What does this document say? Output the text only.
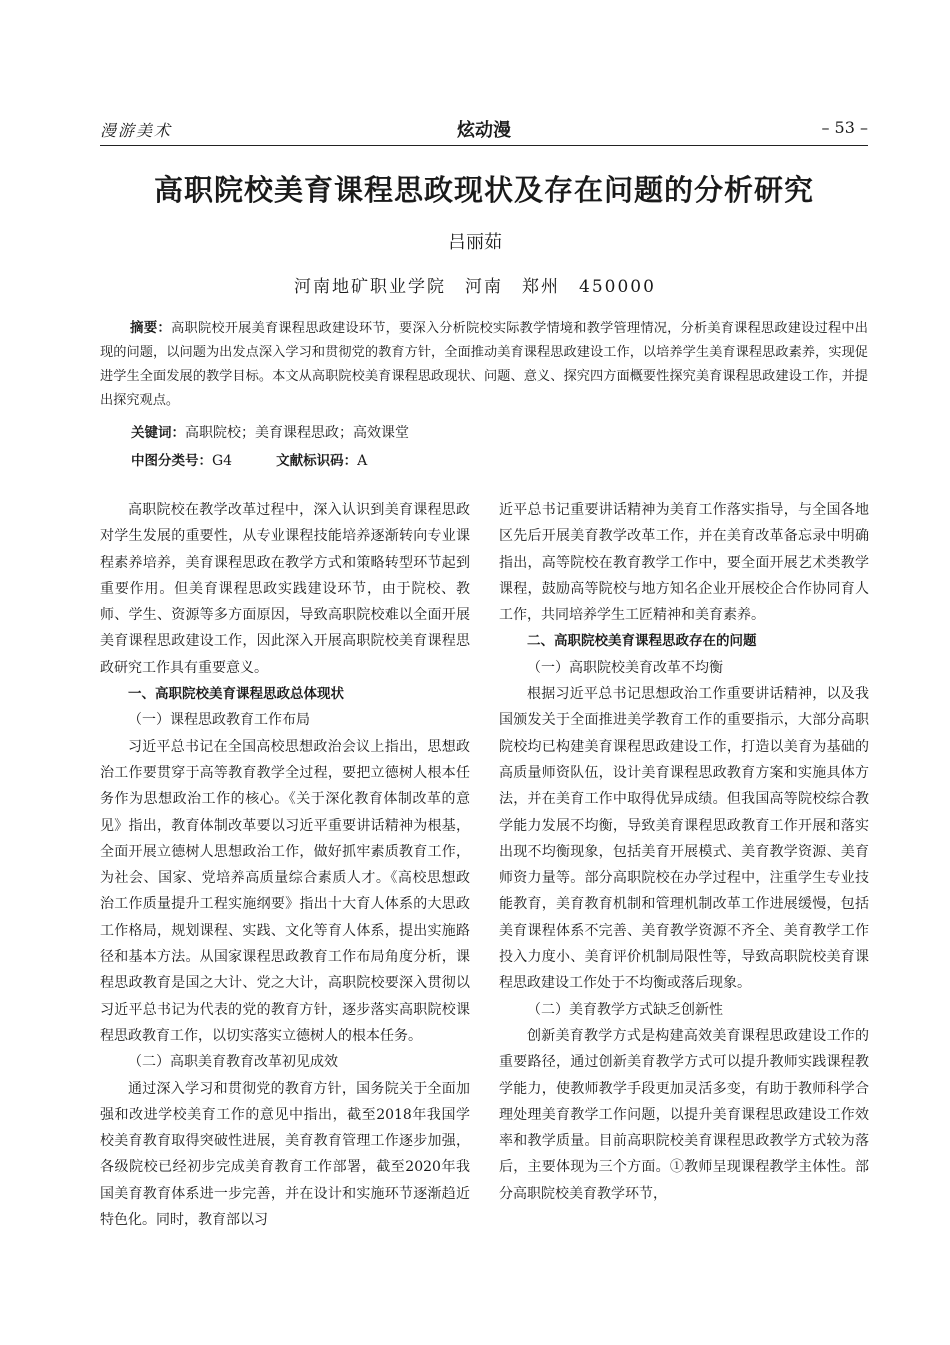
漫游美术	炫动漫	– 53 –
高职院校美育课程思政现状及存在问题的分析研究
吕丽茹
河南地矿职业学院　河南　郑州　450000
摘要：高职院校开展美育课程思政建设环节，要深入分析院校实际教学情境和教学管理情况，分析美育课程思政建设过程中出现的问题，以问题为出发点深入学习和贯彻党的教育方针，全面推动美育课程思政建设工作，以培养学生美育课程思政素养，实现促进学生全面发展的教学目标。本文从高职院校美育课程思政现状、问题、意义、探究四方面概要性探究美育课程思政建设工作，并提出探究观点。
关键词：高职院校；美育课程思政；高效课堂
中图分类号：G4	文献标识码：A

高职院校在教学改革过程中，深入认识到美育课程思政对学生发展的重要性，从专业课程技能培养逐渐转向专业课程素养培养，美育课程思政在教学方式和策略转型环节起到重要作用。但美育课程思政实践建设环节，由于院校、教师、学生、资源等多方面原因，导致高职院校难以全面开展美育课程思政建设工作，因此深入开展高职院校美育课程思政研究工作具有重要意义。

一、高职院校美育课程思政总体现状

（一）课程思政教育工作布局

习近平总书记在全国高校思想政治会议上指出，思想政治工作要贯穿于高等教育教学全过程，要把立德树人根本任务作为思想政治工作的核心。《关于深化教育体制改革的意见》指出，教育体制改革要以习近平重要讲话精神为根基，全面开展立德树人思想政治工作，做好抓牢素质教育工作，为社会、国家、党培养高质量综合素质人才。《高校思想政治工作质量提升工程实施纲要》指出十大育人体系的大思政工作格局，规划课程、实践、文化等育人体系，提出实施路径和基本方法。从国家课程思政教育工作布局角度分析，课程思政教育是国之大计、党之大计，高职院校要深入贯彻以习近平总书记为代表的党的教育方针，逐步落实高职院校课程思政教育工作，以切实落实立德树人的根本任务。

（二）高职美育教育改革初见成效

通过深入学习和贯彻党的教育方针，国务院关于全面加强和改进学校美育工作的意见中指出，截至2018年我国学校美育教育取得突破性进展，美育教育管理工作逐步加强，各级院校已经初步完成美育教育工作部署，截至2020年我国美育教育体系进一步完善，并在设计和实施环节逐渐趋近特色化。同时，教育部以习

近平总书记重要讲话精神为美育工作落实指导，与全国各地区先后开展美育教学改革工作，并在美育改革备忘录中明确指出，高等院校在教育教学工作中，要全面开展艺术类教学课程，鼓励高等院校与地方知名企业开展校企合作协同育人工作，共同培养学生工匠精神和美育素养。

二、高职院校美育课程思政存在的问题

（一）高职院校美育改革不均衡

根据习近平总书记思想政治工作重要讲话精神，以及我国颁发关于全面推进美学教育工作的重要指示，大部分高职院校均已构建美育课程思政建设工作，打造以美育为基础的高质量师资队伍，设计美育课程思政教育方案和实施具体方法，并在美育工作中取得优异成绩。但我国高等院校综合教学能力发展不均衡，导致美育课程思政教育工作开展和落实出现不均衡现象，包括美育开展模式、美育教学资源、美育师资力量等。部分高职院校在办学过程中，注重学生专业技能教育，美育教育机制和管理机制改革工作进展缓慢，包括美育课程体系不完善、美育教学资源不齐全、美育教学工作投入力度小、美育评价机制局限性等，导致高职院校美育课程思政建设工作处于不均衡或落后现象。

（二）美育教学方式缺乏创新性

创新美育教学方式是构建高效美育课程思政建设工作的重要路径，通过创新美育教学方式可以提升教师实践课程教学能力，使教师教学手段更加灵活多变，有助于教师科学合理处理美育教学工作问题，以提升美育课程思政建设工作效率和教学质量。目前高职院校美育课程思政教学方式较为落后，主要体现为三个方面。①教师呈现课程教学主体性。部分高职院校美育教学环节，
